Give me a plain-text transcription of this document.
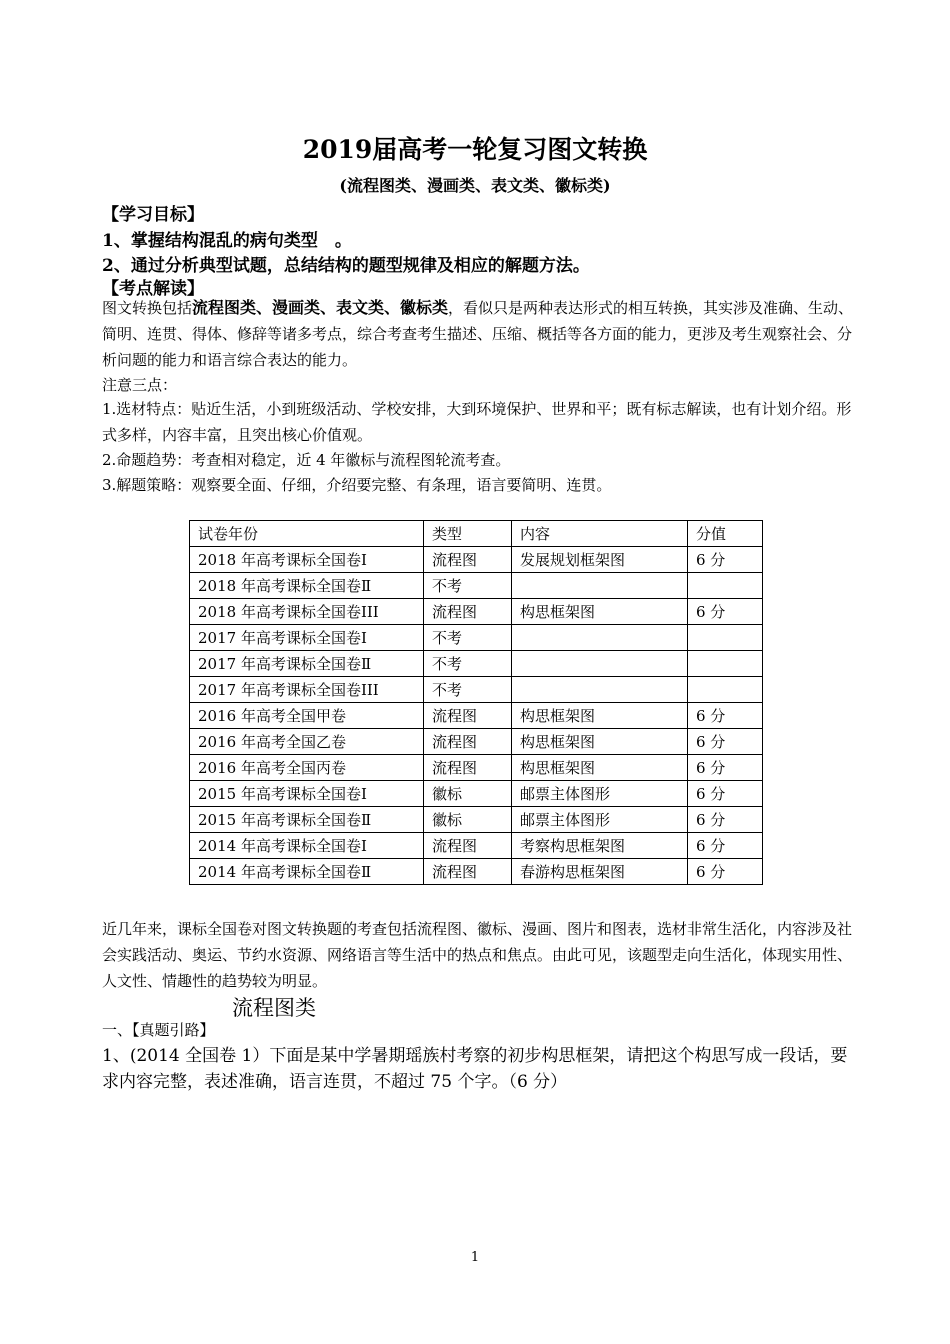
2019届高考一轮复习图文转换
(流程图类、漫画类、表文类、徽标类)
【学习目标】
1、掌握结构混乱的病句类型　。
2、通过分析典型试题，总结结构的题型规律及相应的解题方法。
【考点解读】
图文转换包括流程图类、漫画类、表文类、徽标类，看似只是两种表达形式的相互转换，其实涉及准确、生动、简明、连贯、得体、修辞等诸多考点，综合考查考生描述、压缩、概括等各方面的能力，更涉及考生观察社会、分析问题的能力和语言综合表达的能力。
注意三点：
1.选材特点：贴近生活，小到班级活动、学校安排，大到环境保护、世界和平；既有标志解读，也有计划介绍。形式多样，内容丰富，且突出核心价值观。
2.命题趋势：考查相对稳定，近 4 年徽标与流程图轮流考查。
3.解题策略：观察要全面、仔细，介绍要完整、有条理，语言要简明、连贯。
试卷年份	类型	内容	分值
2018 年高考课标全国卷Ⅰ	流程图	发展规划框架图	6 分
2018 年高考课标全国卷Ⅱ	不考		
2018 年高考课标全国卷III	流程图	构思框架图	6 分
2017 年高考课标全国卷Ⅰ	不考		
2017 年高考课标全国卷Ⅱ	不考		
2017 年高考课标全国卷III	不考		
2016 年高考全国甲卷	流程图	构思框架图	6 分
2016 年高考全国乙卷	流程图	构思框架图	6 分
2016 年高考全国丙卷	流程图	构思框架图	6 分
2015 年高考课标全国卷Ⅰ	徽标	邮票主体图形	6 分
2015 年高考课标全国卷Ⅱ	徽标	邮票主体图形	6 分
2014 年高考课标全国卷Ⅰ	流程图	考察构思框架图	6 分
2014 年高考课标全国卷Ⅱ	流程图	春游构思框架图	6 分
近几年来，课标全国卷对图文转换题的考查包括流程图、徽标、漫画、图片和图表，选材非常生活化，内容涉及社会实践活动、奥运、节约水资源、网络语言等生活中的热点和焦点。由此可见，该题型走向生活化，体现实用性、人文性、情趣性的趋势较为明显。
流程图类
一、【真题引路】
1、(2014 全国卷 1）下面是某中学暑期瑶族村考察的初步构思框架，请把这个构思写成一段话，要求内容完整，表述准确，语言连贯，不超过 75 个字。（6 分）
1
